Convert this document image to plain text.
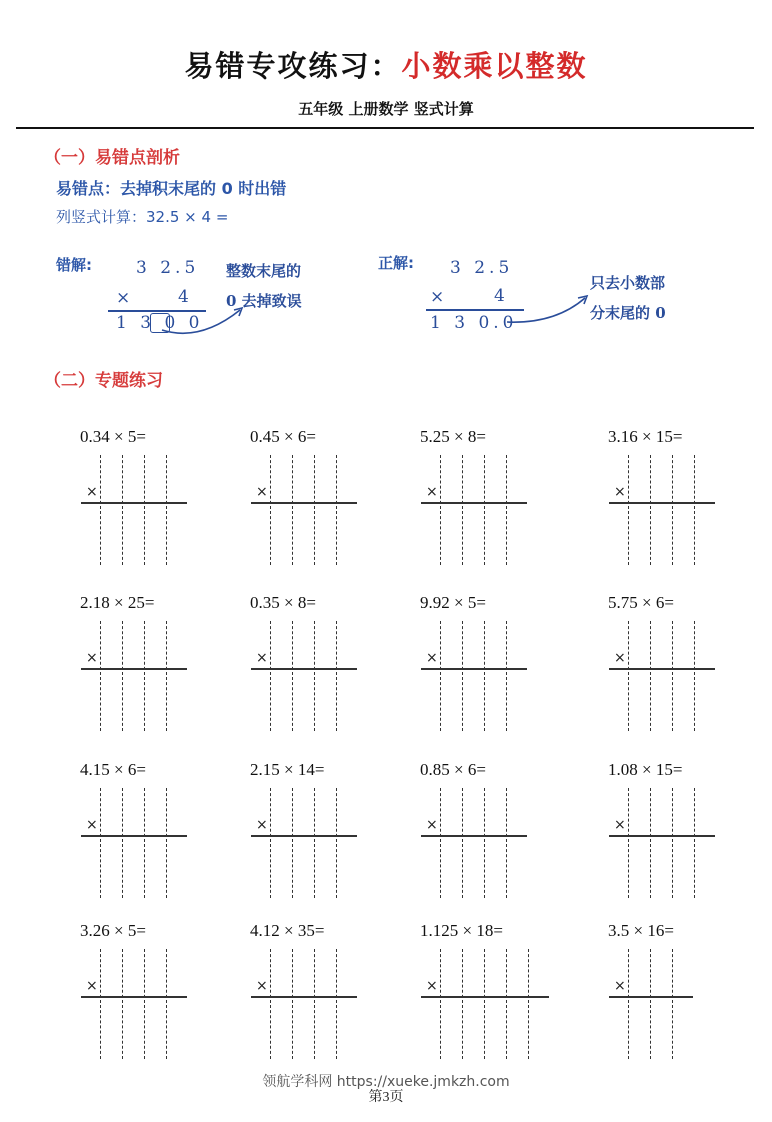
易错专攻练习：小数乘以整数
五年级 上册数学 竖式计算
（一）易错点剖析
易错点：去掉积末尾的 0 时出错
列竖式计算：32.5 × 4 =
错解:	3 2.5
×	4
1 3 0 0
整数末尾的
0 去掉致误
正解: 3 2.5
×	4
1 3 0.0
只去小数部
分末尾的 0
（二）专题练习
0.34 × 5=
×
0.45 × 6=
×
5.25 × 8=
×
3.16 × 15=
×
2.18 × 25=
×
0.35 × 8=
×
9.92 × 5=
×
5.75 × 6=
×
4.15 × 6=
×
2.15 × 14=
×
0.85 × 6=
×
1.08 × 15=
×
3.26 × 5=
×
4.12 × 35=
×
1.125 × 18=
×
3.5 × 16=
×
领航学科网 https://xueke.jmkzh.com
第3页
